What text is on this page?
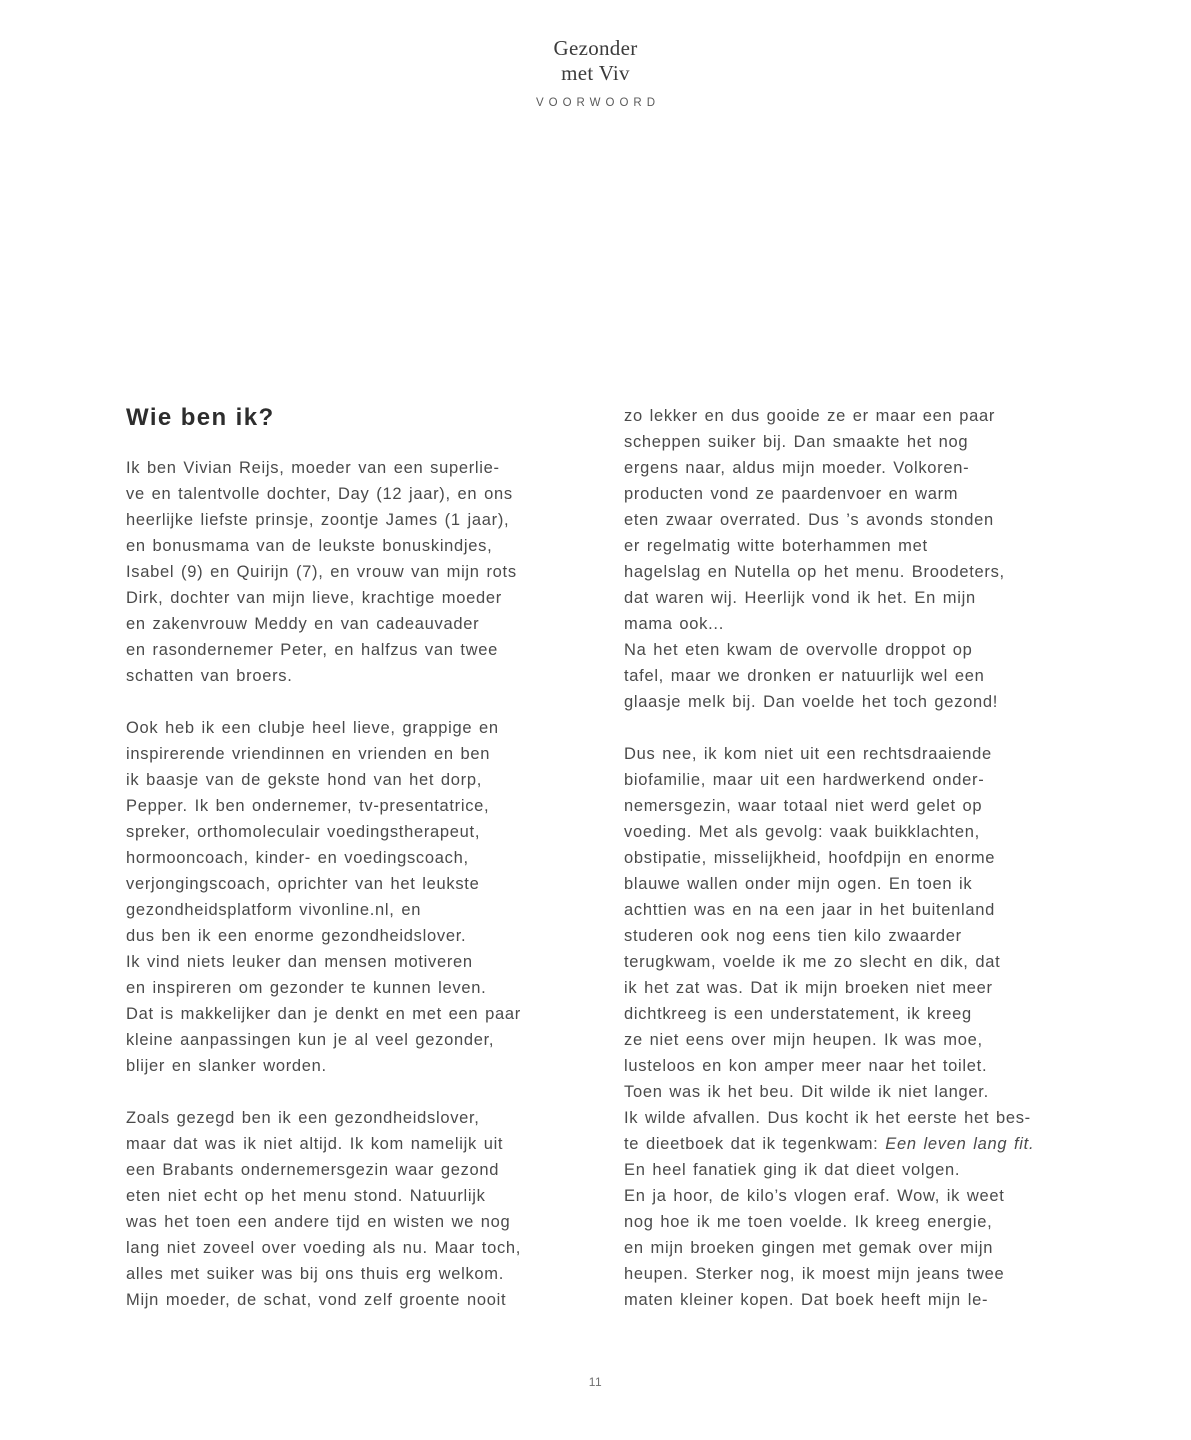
Gezonder
met Viv
VOORWOORD
Wie ben ik?
Ik ben Vivian Reijs, moeder van een superlie-
ve en talentvolle dochter, Day (12 jaar), en ons
heerlijke liefste prinsje, zoontje James (1 jaar),
en bonusmama van de leukste bonuskindjes,
Isabel (9) en Quirijn (7), en vrouw van mijn rots
Dirk, dochter van mijn lieve, krachtige moeder
en zakenvrouw Meddy en van cadeauvader
en rasondernemer Peter, en halfzus van twee
schatten van broers.
Ook heb ik een clubje heel lieve, grappige en
inspirerende vriendinnen en vrienden en ben
ik baasje van de gekste hond van het dorp,
Pepper. Ik ben ondernemer, tv-presentatrice,
spreker, orthomoleculair voedingstherapeut,
hormooncoach, kinder- en voedingscoach,
verjongingscoach, oprichter van het leukste
gezondheidsplatform vivonline.nl, en
dus ben ik een enorme gezondheidslover.
Ik vind niets leuker dan mensen motiveren
en inspireren om gezonder te kunnen leven.
Dat is makkelijker dan je denkt en met een paar
kleine aanpassingen kun je al veel gezonder,
blijer en slanker worden.
Zoals gezegd ben ik een gezondheidslover,
maar dat was ik niet altijd. Ik kom namelijk uit
een Brabants ondernemersgezin waar gezond
eten niet echt op het menu stond. Natuurlijk
was het toen een andere tijd en wisten we nog
lang niet zoveel over voeding als nu. Maar toch,
alles met suiker was bij ons thuis erg welkom.
Mijn moeder, de schat, vond zelf groente nooit
zo lekker en dus gooide ze er maar een paar
scheppen suiker bij. Dan smaakte het nog
ergens naar, aldus mijn moeder. Volkoren-
producten vond ze paardenvoer en warm
eten zwaar overrated. Dus ’s avonds stonden
er regelmatig witte boterhammen met
hagelslag en Nutella op het menu. Broodeters,
dat waren wij. Heerlijk vond ik het. En mijn
mama ook...
Na het eten kwam de overvolle droppot op
tafel, maar we dronken er natuurlijk wel een
glaasje melk bij. Dan voelde het toch gezond!
Dus nee, ik kom niet uit een rechtsdraaiende
biofamilie, maar uit een hardwerkend onder-
nemersgezin, waar totaal niet werd gelet op
voeding. Met als gevolg: vaak buikklachten,
obstipatie, misselijkheid, hoofdpijn en enorme
blauwe wallen onder mijn ogen. En toen ik
achttien was en na een jaar in het buitenland
studeren ook nog eens tien kilo zwaarder
terugkwam, voelde ik me zo slecht en dik, dat
ik het zat was. Dat ik mijn broeken niet meer
dichtkreeg is een understatement, ik kreeg
ze niet eens over mijn heupen. Ik was moe,
lusteloos en kon amper meer naar het toilet.
Toen was ik het beu. Dit wilde ik niet langer.
Ik wilde afvallen. Dus kocht ik het eerste het bes-
te dieetboek dat ik tegenkwam: Een leven lang fit.
En heel fanatiek ging ik dat dieet volgen.
En ja hoor, de kilo’s vlogen eraf. Wow, ik weet
nog hoe ik me toen voelde. Ik kreeg energie,
en mijn broeken gingen met gemak over mijn
heupen. Sterker nog, ik moest mijn jeans twee
maten kleiner kopen. Dat boek heeft mijn le-
11
